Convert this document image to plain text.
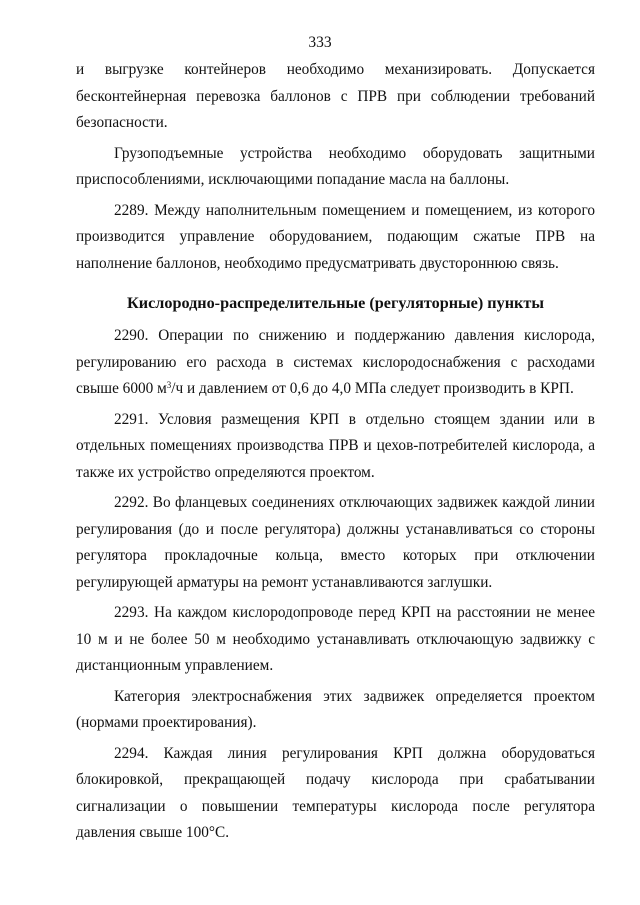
333

и выгрузке контейнеров необходимо механизировать. Допускается бесконтейнерная перевозка баллонов с ПРВ при соблюдении требований безопасности.

Грузоподъемные устройства необходимо оборудовать защитными приспособлениями, исключающими попадание масла на баллоны.

2289. Между наполнительным помещением и помещением, из которого производится управление оборудованием, подающим сжатые ПРВ на наполнение баллонов, необходимо предусматривать двустороннюю связь.

Кислородно-распределительные (регуляторные) пункты

2290. Операции по снижению и поддержанию давления кислорода, регулированию его расхода в системах кислородоснабжения с расходами свыше 6000 $м^3/ч$ и давлением от 0,6 до 4,0 МПа следует производить в КРП.

2291. Условия размещения КРП в отдельно стоящем здании или в отдельных помещениях производства ПРВ и цехов-потребителей кислорода, а также их устройство определяются проектом.

2292. Во фланцевых соединениях отключающих задвижек каждой линии регулирования (до и после регулятора) должны устанавливаться со стороны регулятора прокладочные кольца, вместо которых при отключении регулирующей арматуры на ремонт устанавливаются заглушки.

2293. На каждом кислородопроводе перед КРП на расстоянии не менее 10 м и не более 50 м необходимо устанавливать отключающую задвижку с дистанционным управлением.

Категория электроснабжения этих задвижек определяется проектом (нормами проектирования).

2294. Каждая линия регулирования КРП должна оборудоваться блокировкой, прекращающей подачу кислорода при срабатывании сигнализации о повышении температуры кислорода после регулятора давления свыше 100°С.
